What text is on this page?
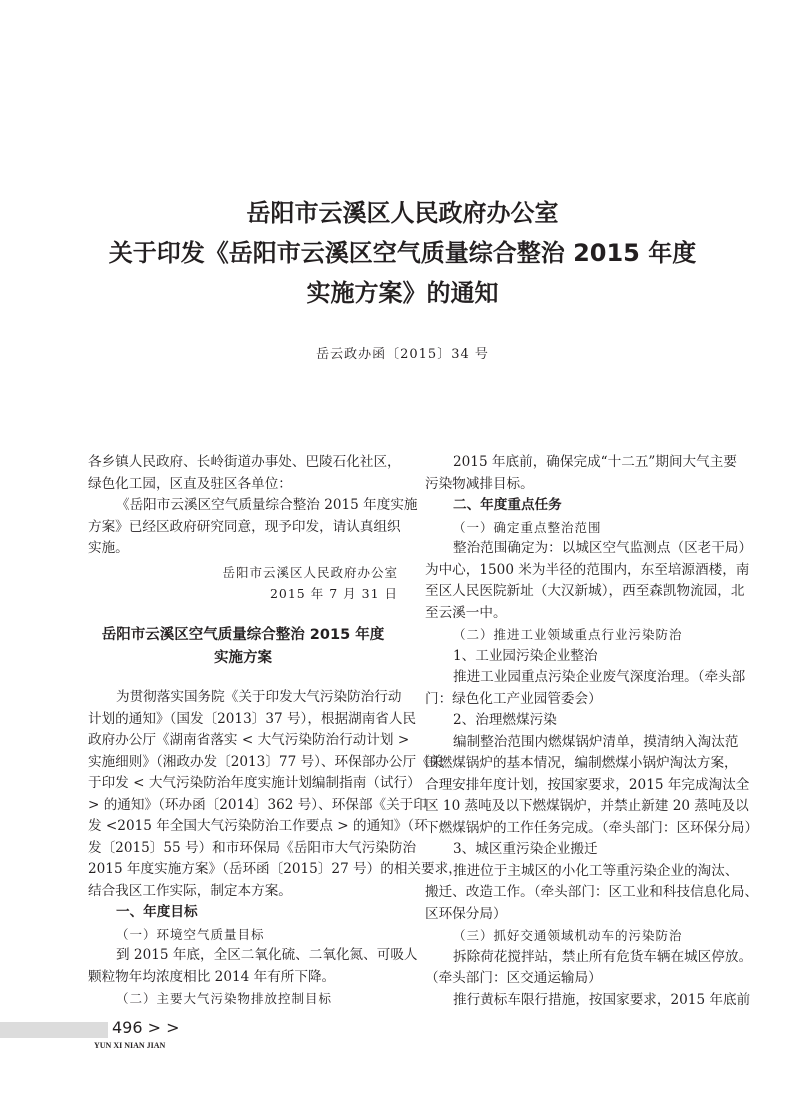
岳阳市云溪区人民政府办公室
关于印发《岳阳市云溪区空气质量综合整治 2015 年度
实施方案》的通知
岳云政办函〔2015〕34 号
各乡镇人民政府、长岭街道办事处、巴陵石化社区，
绿色化工园，区直及驻区各单位：
《岳阳市云溪区空气质量综合整治 2015 年度实施
方案》已经区政府研究同意，现予印发，请认真组织
实施。
岳阳市云溪区人民政府办公室
2015 年 7 月 31 日
岳阳市云溪区空气质量综合整治 2015 年度
实施方案
为贯彻落实国务院《关于印发大气污染防治行动
计划的通知》（国发〔2013〕37 号），根据湖南省人民
政府办公厅《湖南省落实 < 大气污染防治行动计划 >
实施细则》（湘政办发〔2013〕77 号）、环保部办公厅《关
于印发 < 大气污染防治年度实施计划编制指南（试行）
> 的通知》（环办函〔2014〕362 号）、环保部《关于印
发 <2015 年全国大气污染防治工作要点 > 的通知》（环
发〔2015〕55 号）和市环保局《岳阳市大气污染防治
2015 年度实施方案》（岳环函〔2015〕27 号）的相关要求，
结合我区工作实际，制定本方案。
一、年度目标
（一）环境空气质量目标
到 2015 年底，全区二氧化硫、二氧化氮、可吸人
颗粒物年均浓度相比 2014 年有所下降。
（二）主要大气污染物排放控制目标
2015 年底前，确保完成“十二五”期间大气主要
污染物减排目标。
二、年度重点任务
（一）确定重点整治范围
整治范围确定为：以城区空气监测点（区老干局）
为中心，1500 米为半径的范围内，东至培源酒楼，南
至区人民医院新址（大汉新城），西至森凯物流园，北
至云溪一中。
（二）推进工业领域重点行业污染防治
1、工业园污染企业整治
推进工业园重点污染企业废气深度治理。（牵头部
门：绿色化工产业园管委会）
2、治理燃煤污染
编制整治范围内燃煤锅炉清单，摸清纳入淘汰范
围燃煤锅炉的基本情况，编制燃煤小锅炉淘汰方案，
合理安排年度计划，按国家要求，2015 年完成淘汰全
区 10 蒸吨及以下燃煤锅炉，并禁止新建 20 蒸吨及以
下燃煤锅炉的工作任务完成。（牵头部门：区环保分局）
3、城区重污染企业搬迁
推进位于主城区的小化工等重污染企业的淘汰、
搬迁、改造工作。（牵头部门：区工业和科技信息化局、
区环保分局）
（三）抓好交通领域机动车的污染防治
拆除荷花搅拌站，禁止所有危货车辆在城区停放。
（牵头部门：区交通运输局）
推行黄标车限行措施，按国家要求，2015 年底前
496 > >
YUN XI NIAN JIAN
